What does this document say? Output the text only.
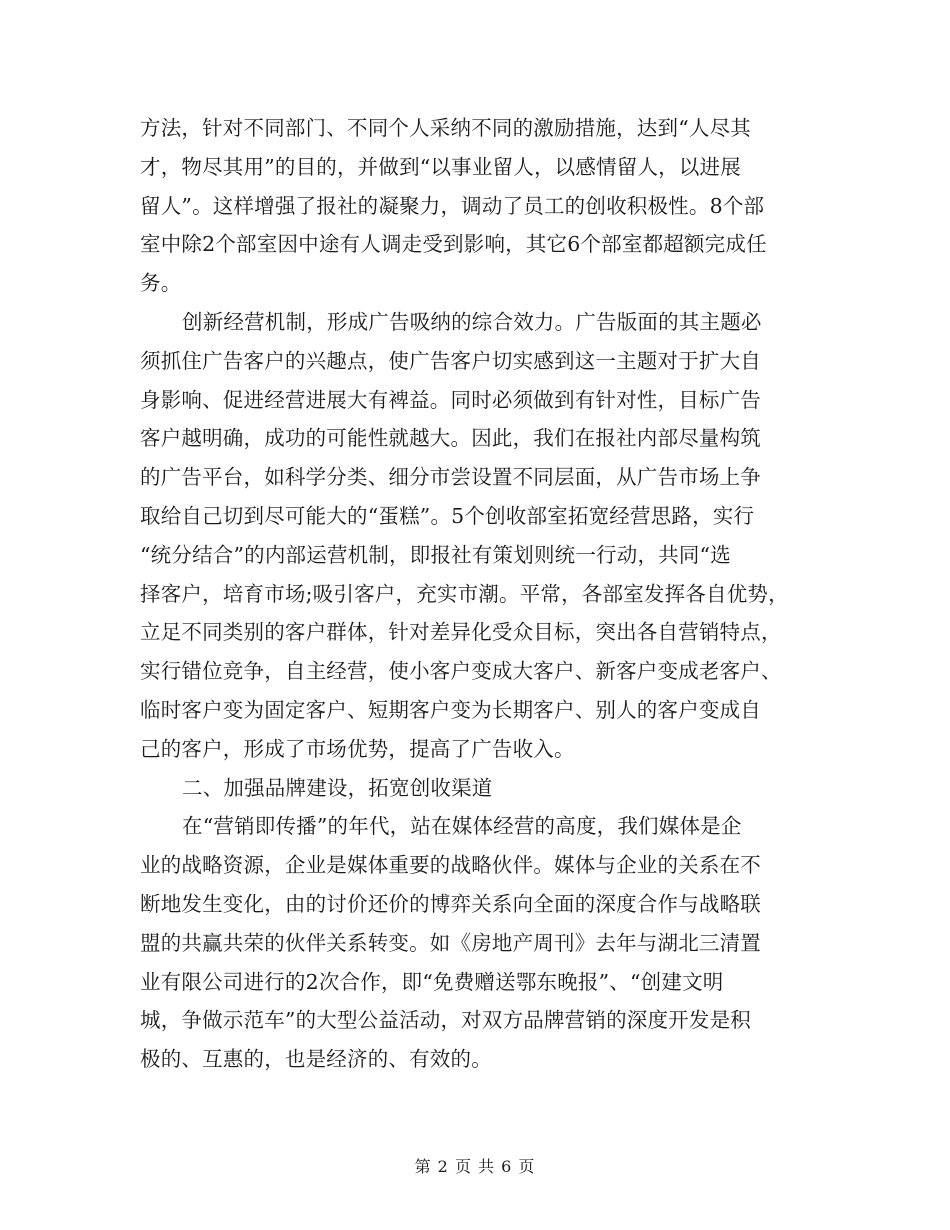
方法，针对不同部门、不同个人采纳不同的激励措施，达到“人尽其
才，物尽其用”的目的，并做到“以事业留人，以感情留人，以进展
留人”。这样增强了报社的凝聚力，调动了员工的创收积极性。8个部
室中除2个部室因中途有人调走受到影响，其它6个部室都超额完成任
务。
创新经营机制，形成广告吸纳的综合效力。广告版面的其主题必
须抓住广告客户的兴趣点，使广告客户切实感到这一主题对于扩大自
身影响、促进经营进展大有裨益。同时必须做到有针对性，目标广告
客户越明确，成功的可能性就越大。因此，我们在报社内部尽量构筑
的广告平台，如科学分类、细分市尝设置不同层面，从广告市场上争
取给自己切到尽可能大的“蛋糕”。5个创收部室拓宽经营思路，实行
“统分结合”的内部运营机制，即报社有策划则统一行动，共同“选
择客户，培育市场;吸引客户，充实市潮。平常，各部室发挥各自优势，
立足不同类别的客户群体，针对差异化受众目标，突出各自营销特点，
实行错位竞争，自主经营，使小客户变成大客户、新客户变成老客户、
临时客户变为固定客户、短期客户变为长期客户、别人的客户变成自
己的客户，形成了市场优势，提高了广告收入。
二、加强品牌建设，拓宽创收渠道
在“营销即传播”的年代，站在媒体经营的高度，我们媒体是企
业的战略资源，企业是媒体重要的战略伙伴。媒体与企业的关系在不
断地发生变化，由的讨价还价的博弈关系向全面的深度合作与战略联
盟的共赢共荣的伙伴关系转变。如《房地产周刊》去年与湖北三清置
业有限公司进行的2次合作，即“免费赠送鄂东晚报”、“创建文明
城，争做示范车”的大型公益活动，对双方品牌营销的深度开发是积
极的、互惠的，也是经济的、有效的。
第 2 页 共 6 页
